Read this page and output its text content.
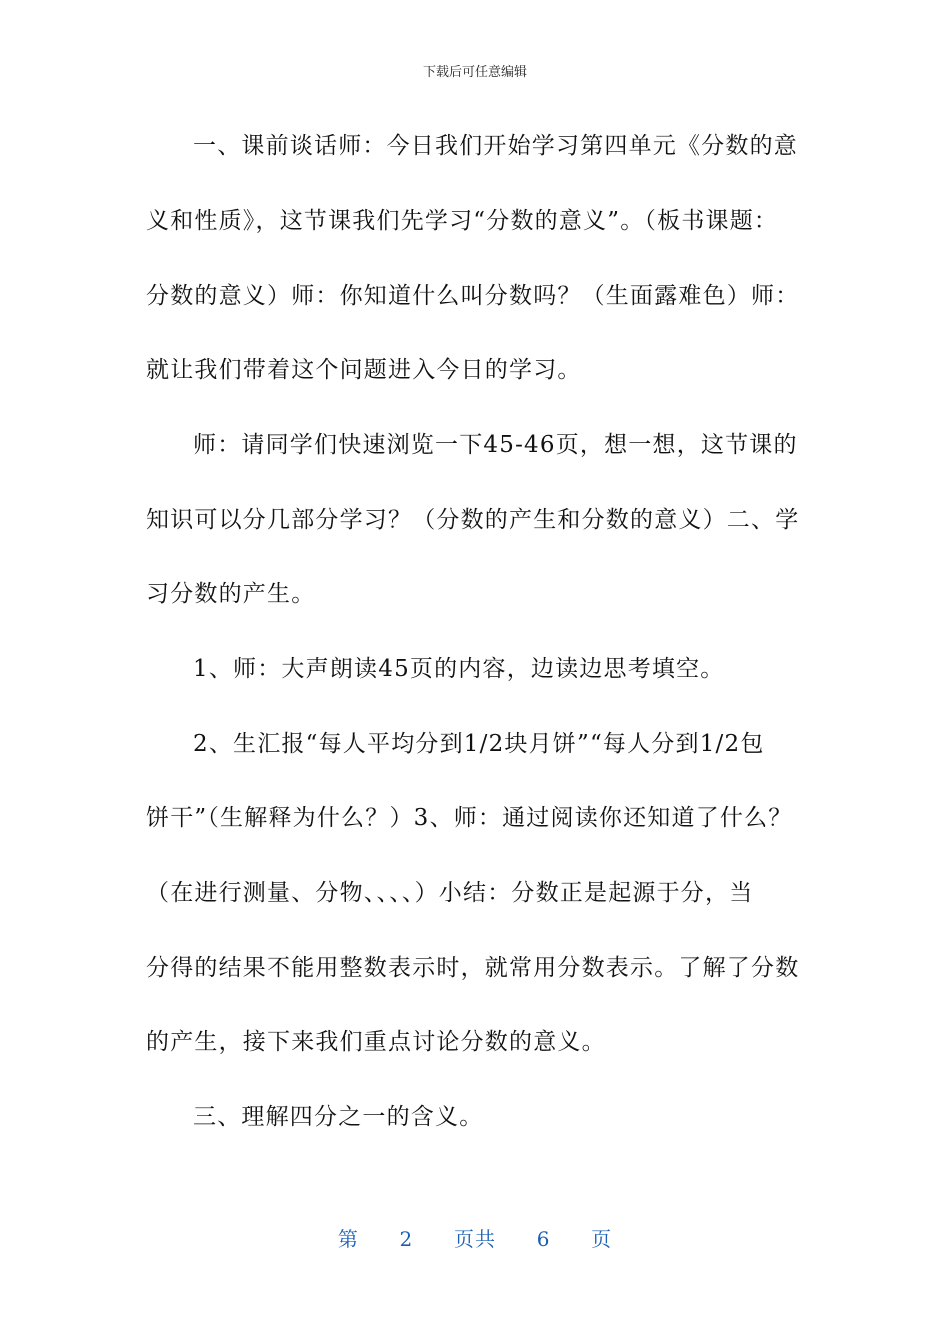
下载后可任意编辑
一、课前谈话师：今日我们开始学习第四单元《分数的意
义和性质》，这节课我们先学习“分数的意义”。（板书课题：
分数的意义）师：你知道什么叫分数吗？（生面露难色）师：
就让我们带着这个问题进入今日的学习。
师：请同学们快速浏览一下45-46页，想一想，这节课的
知识可以分几部分学习？（分数的产生和分数的意义）二、学
习分数的产生。
1、师：大声朗读45页的内容，边读边思考填空。
2、生汇报“每人平均分到1/2块月饼”“每人分到1/2包
饼干”（生解释为什么？）3、师：通过阅读你还知道了什么？
（在进行测量、分物、、、、）小结：分数正是起源于分，当
分得的结果不能用整数表示时，就常用分数表示。了解了分数
的产生，接下来我们重点讨论分数的意义。
三、理解四分之一的含义。
第 2 页共 6 页
